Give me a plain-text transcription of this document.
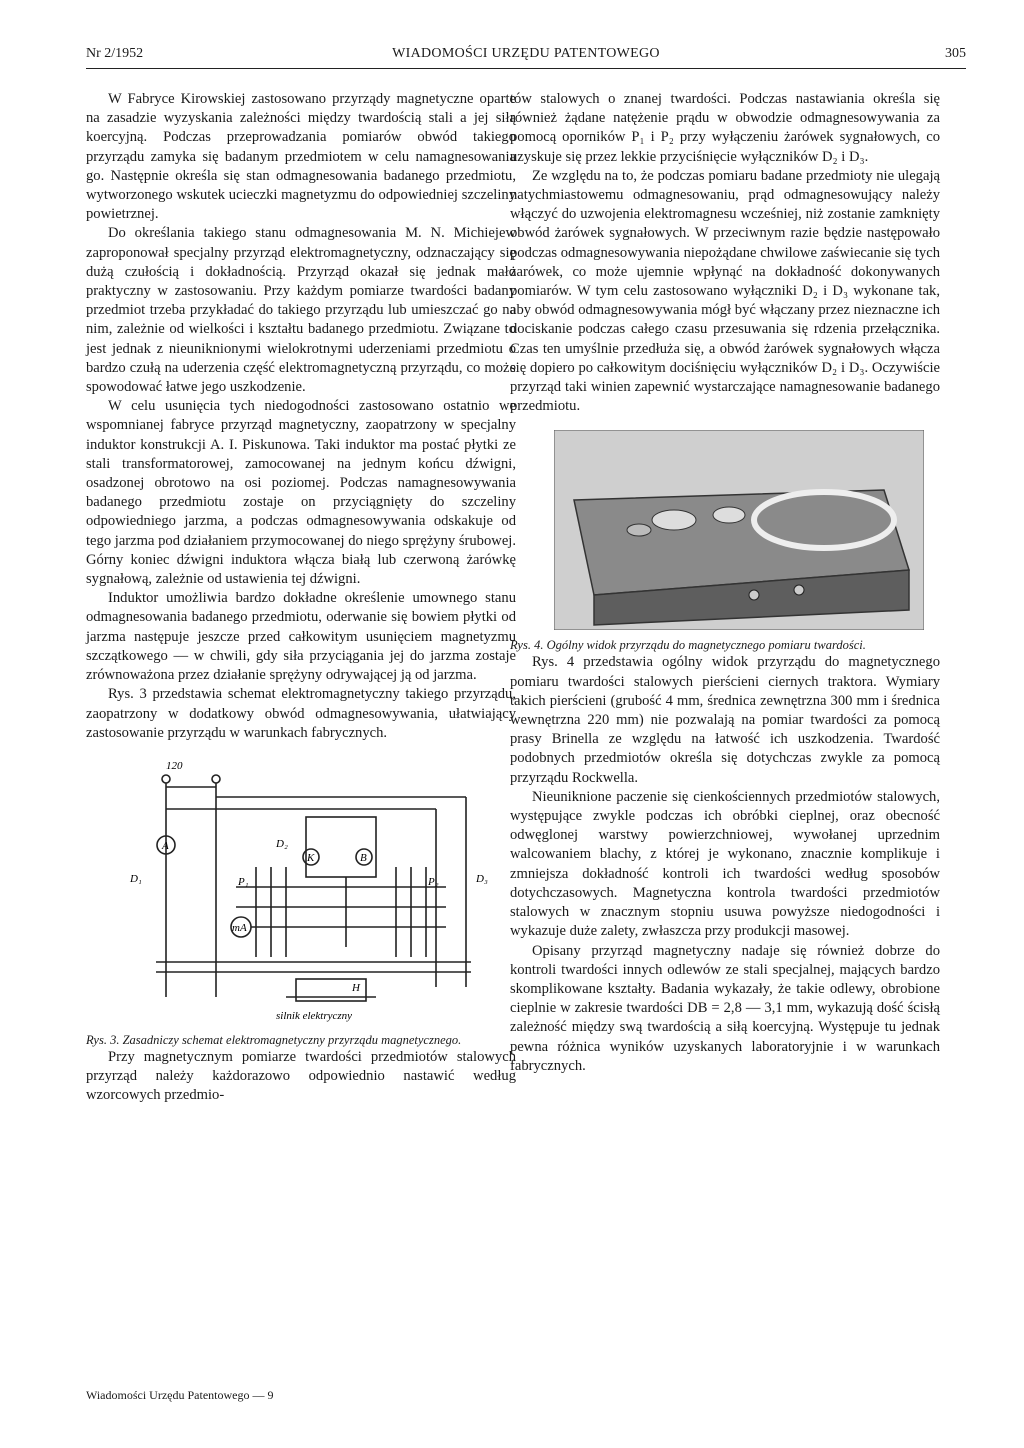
Nr 2/1952	WIADOMOŚCI URZĘDU PATENTOWEGO	305

W Fabryce Kirowskiej zastosowano przyrządy magnetyczne oparte na zasadzie wyzyskania zależności między twardością stali a jej siłą koercyjną. Podczas przeprowadzania pomiarów obwód takiego przyrządu zamyka się badanym przedmiotem w celu namagnesowania go. Następnie określa się stan odmagnesowania badanego przedmiotu, wytworzonego wskutek ucieczki magnetyzmu do odpowiedniej szczeliny powietrznej.

Do określania takiego stanu odmagnesowania M. N. Michiejew zaproponował specjalny przyrząd elektromagnetyczny, odznaczający się dużą czułością i dokładnością. Przyrząd okazał się jednak mało praktyczny w zastosowaniu. Przy każdym pomiarze twardości badany przedmiot trzeba przykładać do takiego przyrządu lub umieszczać go na nim, zależnie od wielkości i kształtu badanego przedmiotu. Związane to jest jednak z nieuniknionymi wielokrotnymi uderzeniami przedmiotu o bardzo czułą na uderzenia część elektromagnetyczną przyrządu, co może spowodować łatwe jego uszkodzenie.

W celu usunięcia tych niedogodności zastosowano ostatnio we wspomnianej fabryce przyrząd magnetyczny, zaopatrzony w specjalny induktor konstrukcji A. I. Piskunowa. Taki induktor ma postać płytki ze stali transformatorowej, zamocowanej na jednym końcu dźwigni, osadzonej obrotowo na osi poziomej. Podczas namagnesowywania badanego przedmiotu zostaje on przyciągnięty do szczeliny odpowiedniego jarzma, a podczas odmagnesowywania odskakuje od tego jarzma pod działaniem przymocowanej do niego sprężyny śrubowej. Górny koniec dźwigni induktora włącza białą lub czerwoną żarówkę sygnałową, zależnie od ustawienia tej dźwigni.

Induktor umożliwia bardzo dokładne określenie umownego stanu odmagnesowania badanego przedmiotu, oderwanie się bowiem płytki od jarzma następuje jeszcze przed całkowitym usunięciem magnetyzmu szczątkowego — w chwili, gdy siła przyciągania jej do jarzma zostaje zrównoważona przez działanie sprężyny odrywającej ją od jarzma.

Rys. 3 przedstawia schemat elektromagnetyczny takiego przyrządu, zaopatrzony w dodatkowy obwód odmagnesowywania, ułatwiający zastosowanie przyrządu w warunkach fabrycznych.

120
A
D₁
D₂
D₃
K	B
P₁	P₂
mA
H
silnik elektryczny

Rys. 3. Zasadniczy schemat elektromagnetyczny przyrządu magnetycznego.

Przy magnetycznym pomiarze twardości przedmiotów stalowych przyrząd należy każdorazowo odpowiednio nastawić według wzorcowych przedmio-

tów stalowych o znanej twardości. Podczas nastawiania określa się również żądane natężenie prądu w obwodzie odmagnesowywania za pomocą oporników P₁ i P₂ przy wyłączeniu żarówek sygnałowych, co uzyskuje się przez lekkie przyciśnięcie wyłączników D₂ i D₃.

Ze względu na to, że podczas pomiaru badane przedmioty nie ulegają natychmiastowemu odmagnesowaniu, prąd odmagnesowujący należy włączyć do uzwojenia elektromagnesu wcześniej, niż zostanie zamknięty obwód żarówek sygnałowych. W przeciwnym razie będzie następowało podczas odmagnesowywania niepożądane chwilowe zaświecanie się tych żarówek, co może ujemnie wpłynąć na dokładność dokonywanych pomiarów. W tym celu zastosowano wyłączniki D₂ i D₃ wykonane tak, aby obwód odmagnesowywania mógł być włączany przez nieznaczne ich dociskanie podczas całego czasu przesuwania się rdzenia przełącznika. Czas ten umyślnie przedłuża się, a obwód żarówek sygnałowych włącza się dopiero po całkowitym dociśnięciu wyłączników D₂ i D₃. Oczywiście przyrząd taki winien zapewnić wystarczające namagnesowanie badanego przedmiotu.

Rys. 4. Ogólny widok przyrządu do magnetycznego pomiaru twardości.

Rys. 4 przedstawia ogólny widok przyrządu do magnetycznego pomiaru twardości stalowych pierścieni ciernych traktora. Wymiary takich pierścieni (grubość 4 mm, średnica zewnętrzna 300 mm i średnica wewnętrzna 220 mm) nie pozwalają na pomiar twardości za pomocą prasy Brinella ze względu na łatwość ich uszkodzenia. Twardość podobnych przedmiotów określa się dotychczas zwykle za pomocą przyrządu Rockwella.

Nieuniknione paczenie się cienkościennych przedmiotów stalowych, występujące zwykle podczas ich obróbki cieplnej, oraz obecność odwęglonej warstwy powierzchniowej, wywołanej uprzednim walcowaniem blachy, z której je wykonano, znacznie komplikuje i zmniejsza dokładność kontroli ich twardości według sposobów dotychczasowych. Magnetyczna kontrola twardości przedmiotów stalowych w znacznym stopniu usuwa powyższe niedogodności i wykazuje duże zalety, zwłaszcza przy produkcji masowej.

Opisany przyrząd magnetyczny nadaje się również dobrze do kontroli twardości innych odlewów ze stali specjalnej, mających bardzo skomplikowane kształty. Badania wykazały, że takie odlewy, obrobione cieplnie w zakresie twardości DB = 2,8 — 3,1 mm, wykazują dość ścisłą zależność między swą twardością a siłą koercyjną. Występuje tu jednak pewna różnica wyników uzyskanych laboratoryjnie i w warunkach fabrycznych.

Wiadomości Urzędu Patentowego — 9
